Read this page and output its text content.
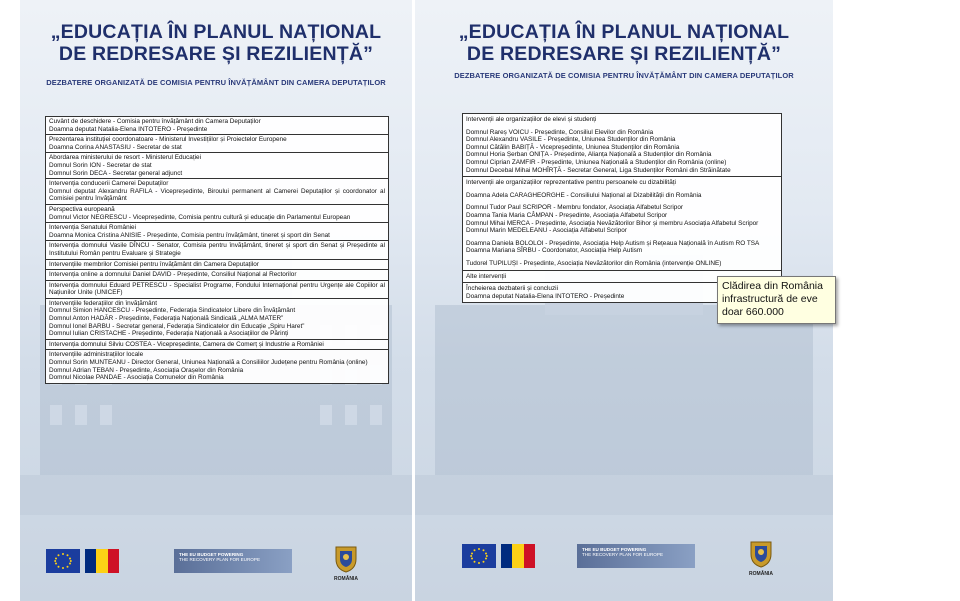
„EDUCAȚIA ÎN PLANUL NAȚIONAL
DE REDRESARE ȘI REZILIENȚĂ”
DEZBATERE ORGANIZATĂ DE COMISIA PENTRU ÎNVĂȚĂMÂNT DIN CAMERA DEPUTAȚILOR
Cuvânt de deschidere - Comisia pentru învățământ din Camera Deputaților
Doamna deputat Natalia-Elena INTOTERO - Președinte
Prezentarea instituției coordonatoare - Ministerul Investițiilor și Proiectelor Europene
Doamna Corina ANASTASIU - Secretar de stat
Abordarea ministerului de resort - Ministerul Educației
Domnul Sorin ION - Secretar de stat
Domnul Sorin DECA - Secretar general adjunct
Intervenția conducerii Camerei Deputaților
Domnul deputat Alexandru RAFILA - Vicepreședinte, Biroului permanent al Camerei Deputaților și coordonator al Comisiei pentru învățământ
Perspectiva europeană
Domnul Victor NEGRESCU - Vicepreședinte, Comisia pentru cultură și educație din Parlamentul European
Intervenția Senatului României
Doamna Monica Cristina ANISIE - Președinte, Comisia pentru învățământ, tineret și sport din Senat
Intervenția domnului Vasile DÎNCU - Senator, Comisia pentru învățământ, tineret și sport din Senat și Președinte al Institutului Român pentru Evaluare și Strategie
Intervențiile membrilor Comisiei pentru învățământ din Camera Deputaților
Intervenția online a domnului Daniel DAVID - Președinte, Consiliul Național al Rectorilor
Intervenția domnului Eduard PETRESCU - Specialist Programe, Fondului Internațional pentru Urgențe ale Copiilor al Națiunilor Unite (UNICEF)
Intervențiile federațiilor din învățământ
Domnul Simion HANCESCU - Președinte, Federația Sindicatelor Libere din Învățământ
Domnul Anton HADĂR - Președinte, Federația Națională Sindicală „ALMA MATER”
Domnul Ionel BARBU - Secretar general, Federația Sindicatelor din Educație „Spiru Haret”
Domnul Iulian CRISTACHE - Președinte, Federația Națională a Asociațiilor de Părinți
Intervenția domnului Silviu COSTEA - Vicepreședinte, Camera de Comerț și Industrie a României
Intervențiile administrațiilor locale
Domnul Sorin MUNTEANU - Director General, Uniunea Națională a Consiliilor Județene pentru România (online)
Domnul Adrian TEBAN - Președinte, Asociația Orașelor din România
Domnul Nicolae PANDAE - Asociația Comunelor din România
THE EU BUDGET POWERING
THE RECOVERY PLAN FOR EUROPE
ROMÂNIA
„EDUCAȚIA ÎN PLANUL NAȚIONAL
DE REDRESARE ȘI REZILIENȚĂ”
DEZBATERE ORGANIZATĂ DE COMISIA PENTRU ÎNVĂȚĂMÂNT DIN CAMERA DEPUTAȚILOR
Intervenții ale organizațiilor de elevi și studenți
Domnul Rareș VOICU - Președinte, Consiliul Elevilor din România
Domnul Alexandru VASILE - Președinte, Uniunea Studenților din România
Domnul Cătălin BABIȚĂ - Vicepreședinte, Uniunea Studenților din România
Domnul Horia Șerban ONIȚA - Președinte, Alianța Națională a Studenților din România
Domnul Ciprian ZAMFIR - Președinte, Uniunea Națională a Studenților din România (online)
Domnul Decebal Mihai MOHÎRȚĂ - Secretar General, Liga Studenților Români din Străinătate
Intervenții ale organizațiilor reprezentative pentru persoanele cu dizabilități
Doamna Adela CARAGHEORGHE - Consiliului Național al Dizabilității din România
Domnul Tudor Paul SCRIPOR - Membru fondator, Asociația Alfabetul Scripor
Doamna Tania Maria CÂMPAN - Președinte, Asociația Alfabetul Scripor
Domnul Mihai MERCA - Președinte, Asociația Nevăzătorilor Bihor și membru Asociația Alfabetul Scripor
Domnul Marin MEDELEANU - Asociația Alfabetul Scripor
Doamna Daniela BOLOLOI - Președinte, Asociația Help Autism și Rețeaua Națională în Autism RO TSA
Doamna Mariana SÎRBU - Coordonator, Asociația Help Autism
Tudorel TUPILUȘI - Președinte, Asociația Nevăzătorilor din România (intervenție ONLINE)
Alte intervenții
Încheierea dezbaterii și concluzii
Doamna deputat Natalia-Elena INTOTERO - Președinte
THE EU BUDGET POWERING
THE RECOVERY PLAN FOR EUROPE
ROMÂNIA
Clădirea din România
infrastructură de eve
doar 660.000
